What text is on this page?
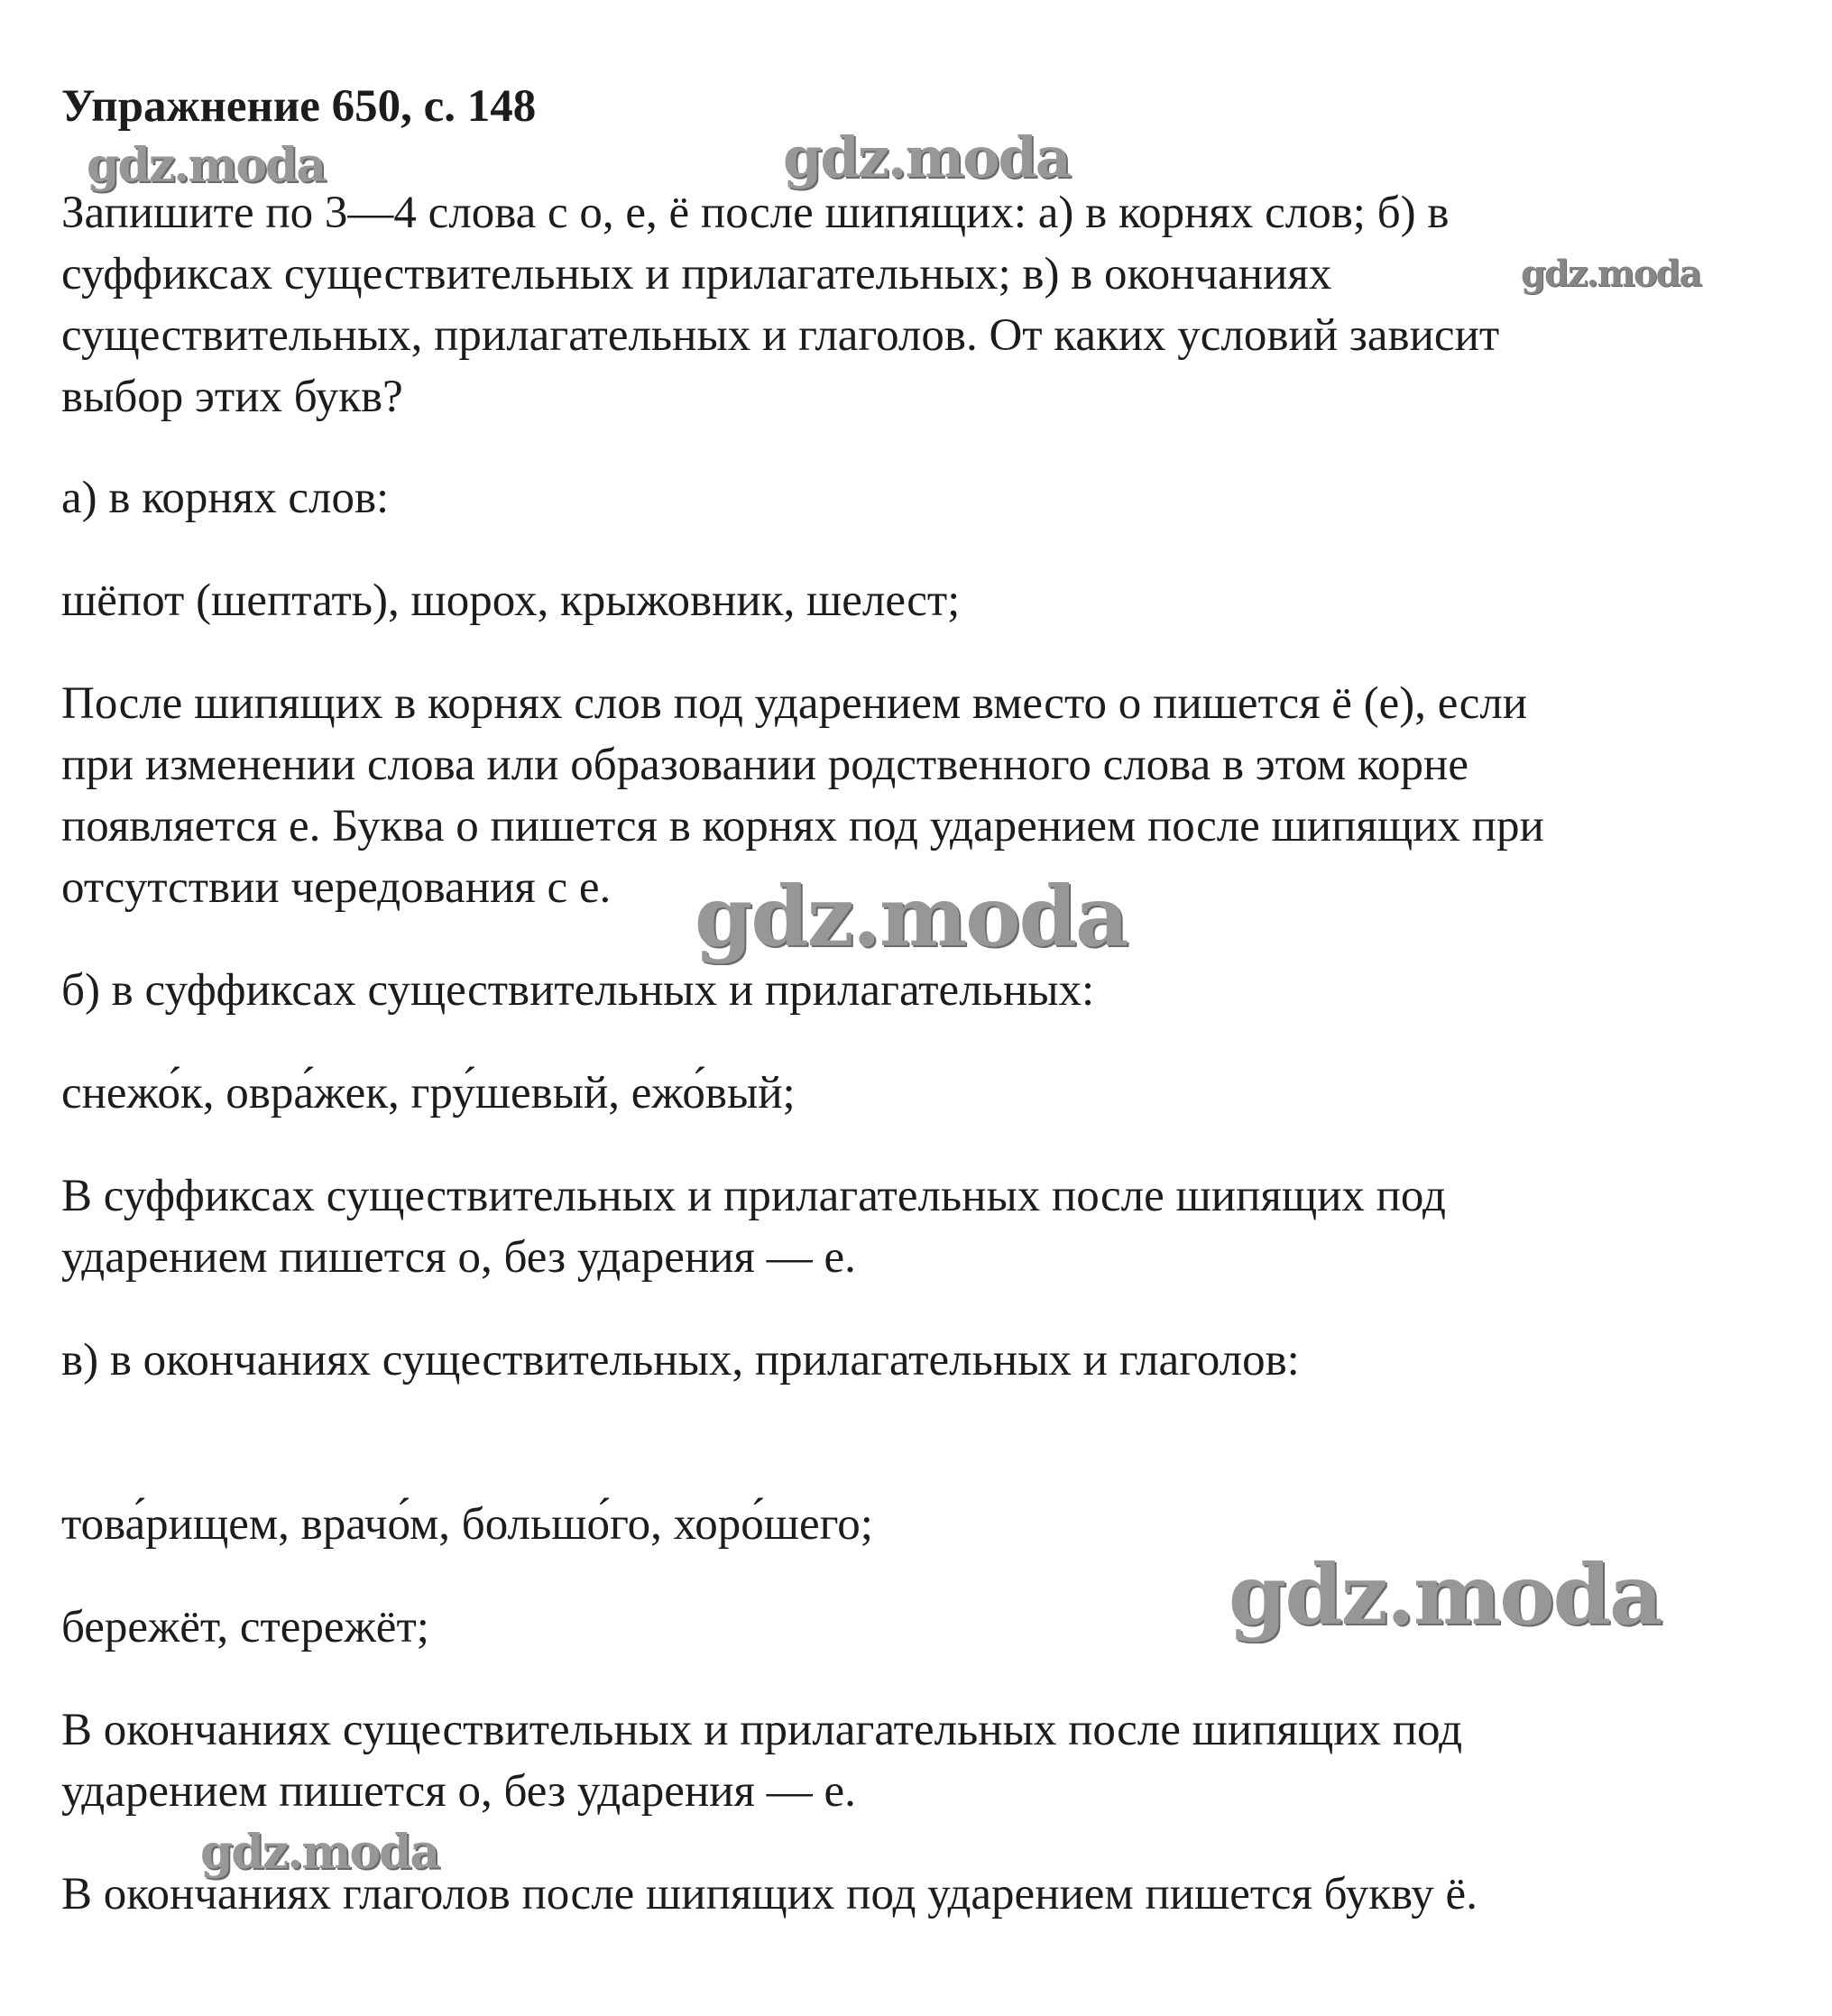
gdz.moda	gdz.moda
gdz.moda
gdz.moda
gdz.moda
gdz.moda
Упражнение 650, с. 148

Запишите по 3—4 слова с о, е, ё после шипящих: а) в корнях слов; б) в
суффиксах существительных и прилагательных; в) в окончаниях
существительных, прилагательных и глаголов. От каких условий зависит
выбор этих букв?

а) в корнях слов:

шёпот (шептать), шорох, крыжовник, шелест;

После шипящих в корнях слов под ударением вместо о пишется ё (е), если
при изменении слова или образовании родственного слова в этом корне
появляется е. Буква о пишется в корнях под ударением после шипящих при
отсутствии чередования с е.

б) в суффиксах существительных и прилагательных:

снежо́к, овра́жек, гру́шевый, ежо́вый;

В суффиксах существительных и прилагательных после шипящих под
ударением пишется о, без ударения — е.

в) в окончаниях существительных, прилагательных и глаголов:

това́рищем, врачо́м, большо́го, хоро́шего;

бережёт, стережёт;

В окончаниях существительных и прилагательных после шипящих под
ударением пишется о, без ударения — е.

В окончаниях глаголов после шипящих под ударением пишется букву ё.
